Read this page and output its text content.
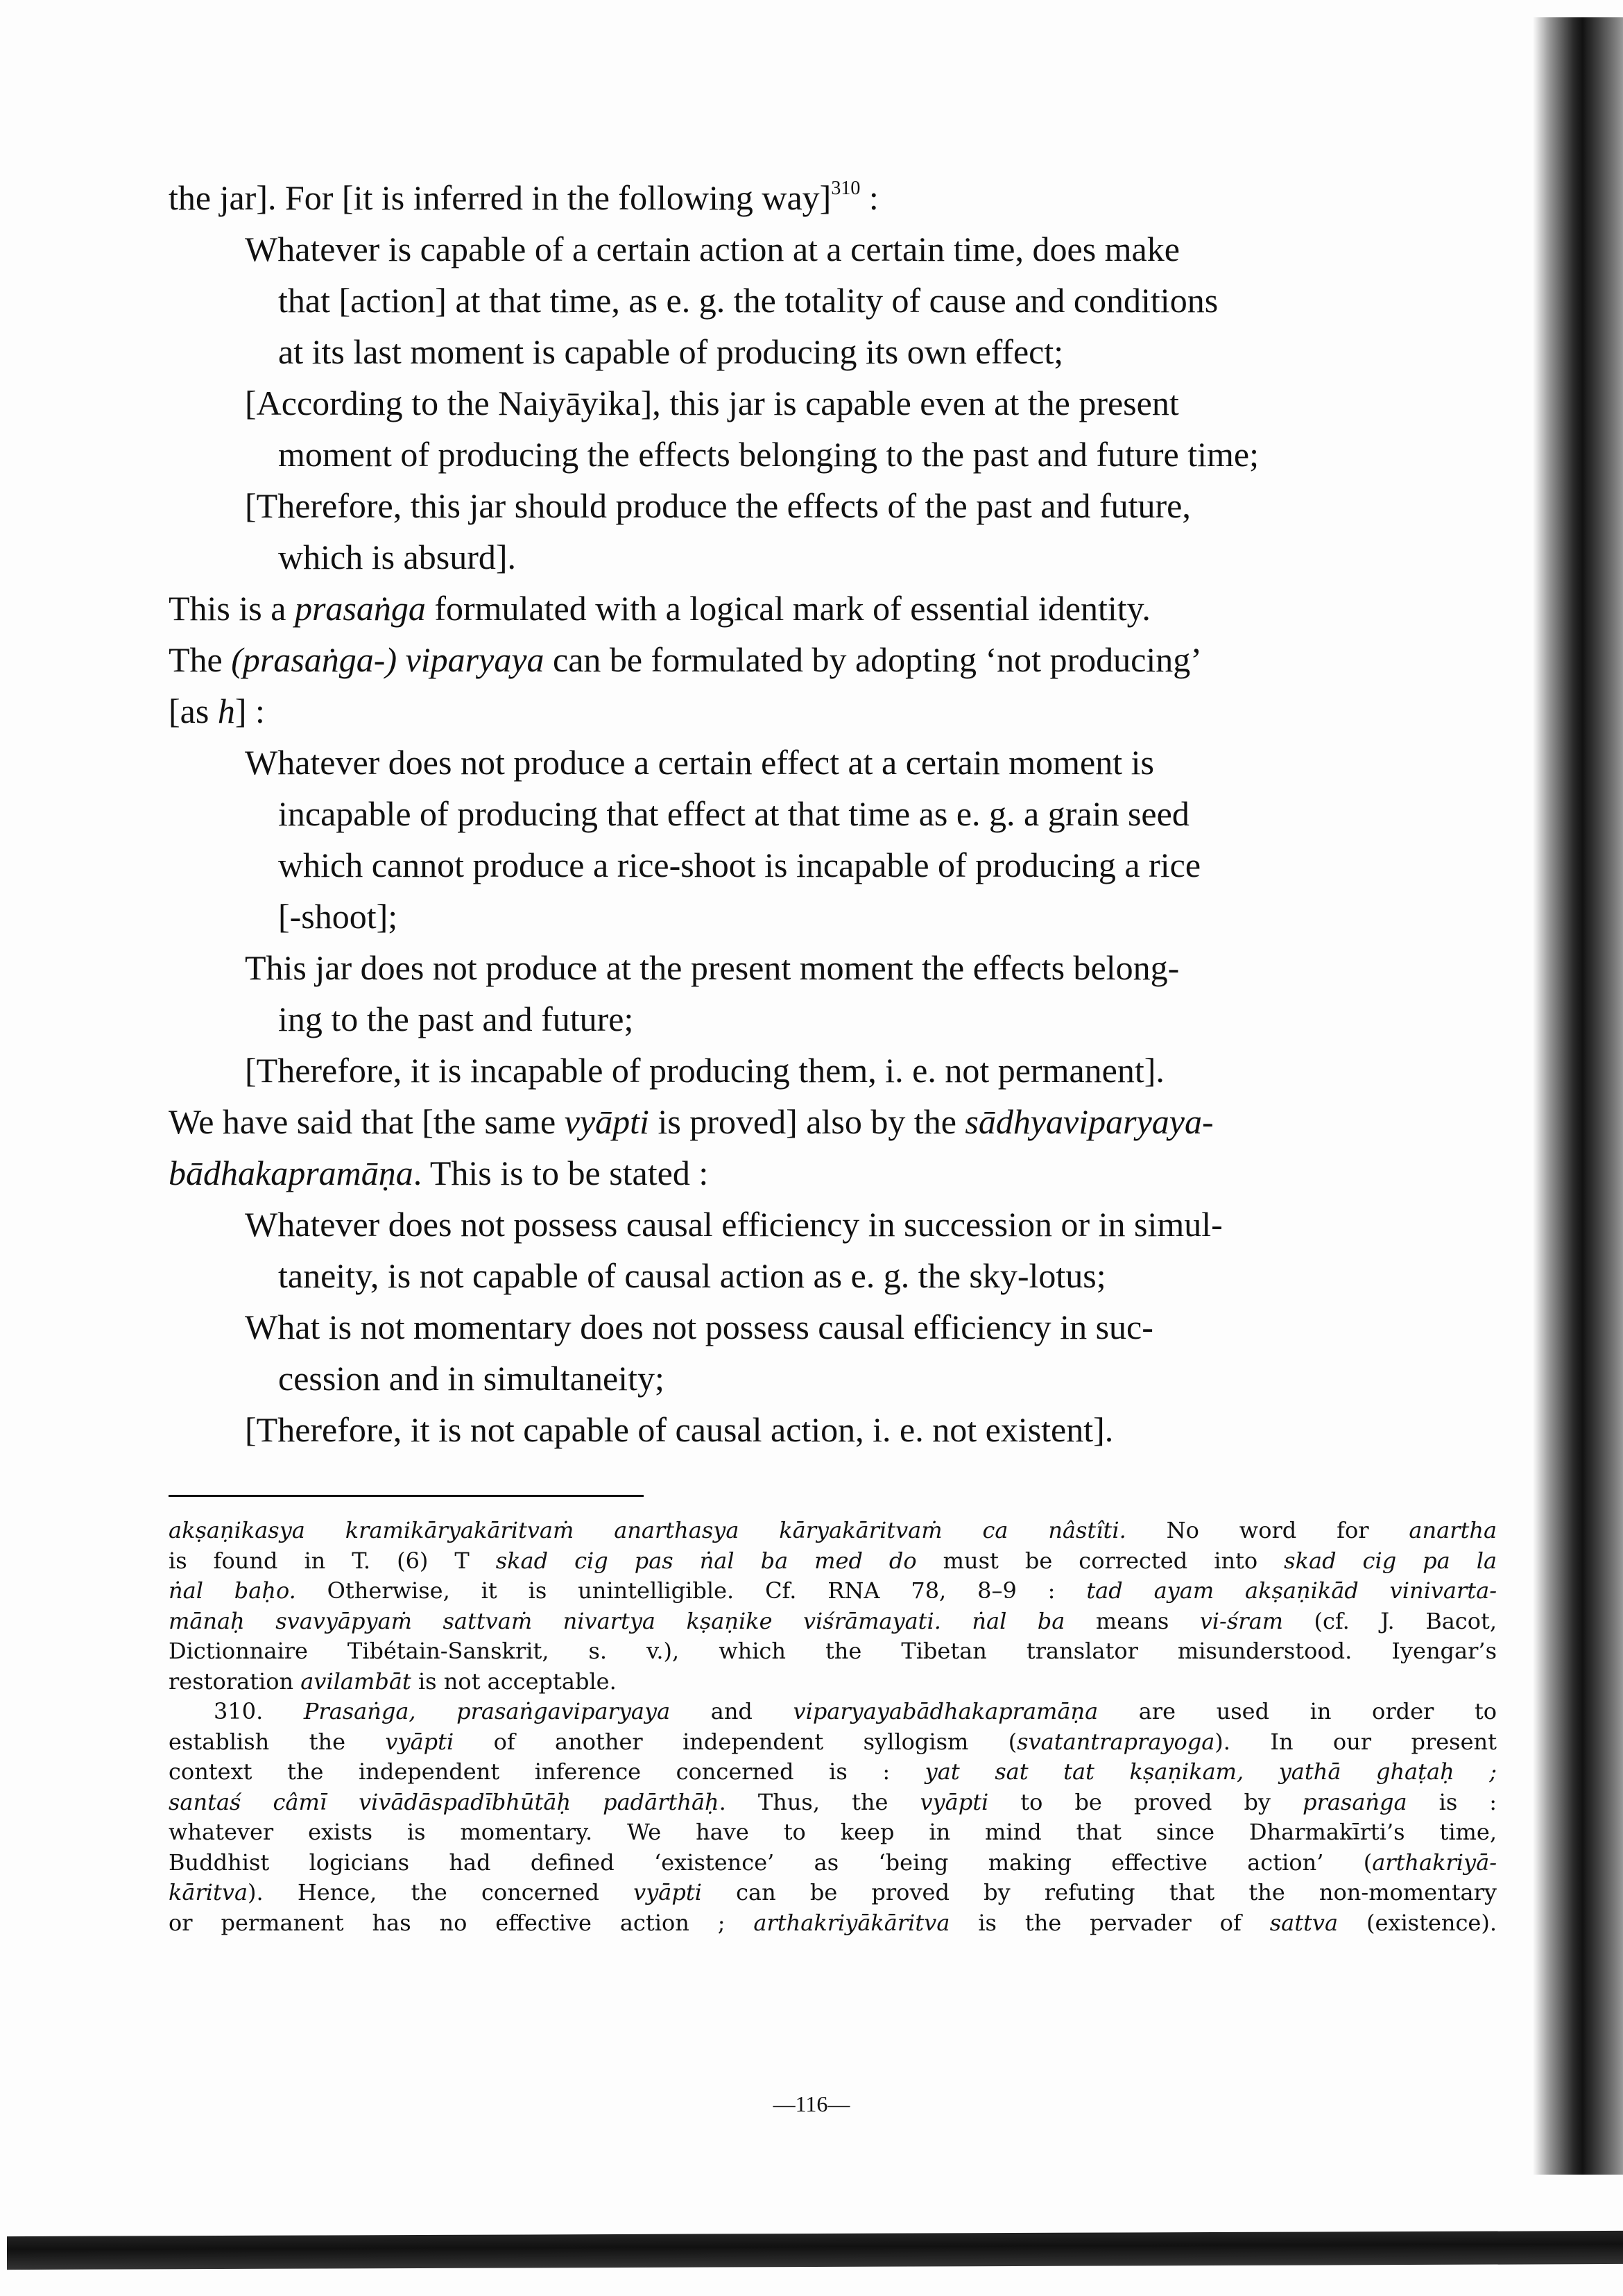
the jar]. For [it is inferred in the following way]$^{310}$ :
Whatever is capable of a certain action at a certain time, does make
that [action] at that time, as e. g. the totality of cause and conditions
at its last moment is capable of producing its own effect;
[According to the Naiyāyika], this jar is capable even at the present
moment of producing the effects belonging to the past and future time;
[Therefore, this jar should produce the effects of the past and future,
which is absurd].
This is a prasaṅga formulated with a logical mark of essential identity.
The (prasaṅga-) viparyaya can be formulated by adopting ‘not producing’
[as h] :
Whatever does not produce a certain effect at a certain moment is
incapable of producing that effect at that time as e. g. a grain seed
which cannot produce a rice-shoot is incapable of producing a rice
[-shoot];
This jar does not produce at the present moment the effects belong-
ing to the past and future;
[Therefore, it is incapable of producing them, i. e. not permanent].
We have said that [the same vyāpti is proved] also by the sādhyaviparyaya-
bādhakapramāṇa. This is to be stated :
Whatever does not possess causal efficiency in succession or in simul-
taneity, is not capable of causal action as e. g. the sky-lotus;
What is not momentary does not possess causal efficiency in suc-
cession and in simultaneity;
[Therefore, it is not capable of causal action, i. e. not existent].
akṣaṇikasya kramikāryakāritvaṁ anarthasya kāryakāritvaṁ ca nâstîti. No word for anartha
is found in T. (6) T skad cig pas ṅal ba med do must be corrected into skad cig pa la
ṅal baḥo. Otherwise, it is unintelligible. Cf. RNA 78, 8–9 : tad ayam akṣaṇikād vinivarta-
mānaḥ svavyāpyaṁ sattvaṁ nivartya kṣaṇike viśrāmayati. ṅal ba means vi-śram (cf. J. Bacot,
Dictionnaire Tibétain-Sanskrit, s. v.), which the Tibetan translator misunderstood. Iyengar’s
restoration avilambāt is not acceptable.
310. Prasaṅga, prasaṅgaviparyaya and viparyayabādhakapramāṇa are used in order to
establish the vyāpti of another independent syllogism (svatantraprayoga). In our present
context the independent inference concerned is : yat sat tat kṣaṇikam, yathā ghaṭaḥ ;
santaś câmī vivādāspadībhūtāḥ padārthāḥ. Thus, the vyāpti to be proved by prasaṅga is :
whatever exists is momentary. We have to keep in mind that since Dharmakīrti’s time,
Buddhist logicians had defined ‘existence’ as ‘being making effective action’ (arthakriyā-
kāritva). Hence, the concerned vyāpti can be proved by refuting that the non-momentary
or permanent has no effective action ; arthakriyākāritva is the pervader of sattva (existence).
—116—
